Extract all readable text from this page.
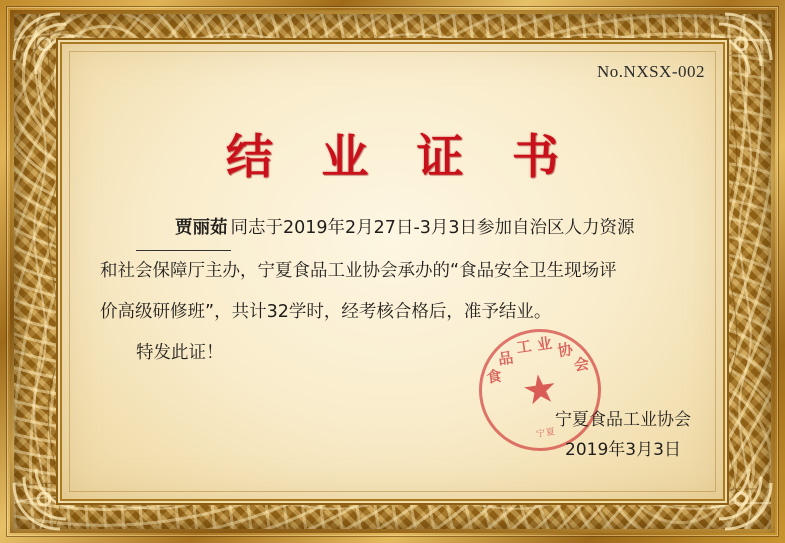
No.NXSX-002
结 业 证 书

贾丽茹 同志于2019年2月27日-3月3日参加自治区人力资源

和社会保障厅主办，宁夏食品工业协会承办的“食品安全卫生现场评

价高级研修班”，共计32学时，经考核合格后，准予结业。

特发此证！

食
品
工 业 协
会
★
宁夏
宁夏食品工业协会
2019年3月3日
